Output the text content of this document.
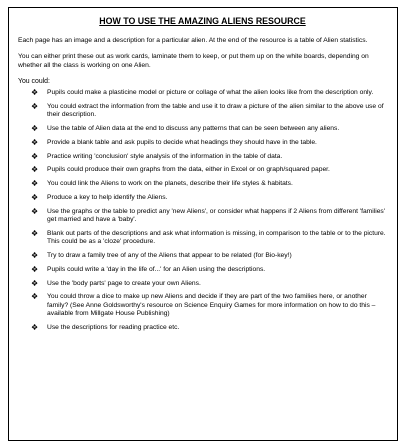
HOW TO USE THE AMAZING ALIENS RESOURCE
Each page has an image and a description for a particular alien. At the end of the resource is a table of Alien statistics.
You can either print these out as work cards, laminate them to keep, or put them up on the white boards, depending on whether all the class is working on one Alien.
You could:
❖ Pupils could make a plasticine model or picture or collage of what the alien looks like from the description only.
❖ You could extract the information from the table and use it to draw a picture of the alien similar to the above use of their description.
❖ Use the table of Alien data at the end to discuss any patterns that can be seen between any aliens.
❖ Provide a blank table and ask pupils to decide what headings they should have in the table.
❖ Practice writing 'conclusion' style analysis of the information in the table of data.
❖ Pupils could produce their own graphs from the data, either in Excel or on graph/squared paper.
❖ You could link the Aliens to work on the planets, describe their life styles & habitats.
❖ Produce a key to help identify the Aliens.
❖ Use the graphs or the table to predict any 'new Aliens', or consider what happens if 2 Aliens from different 'families' get married and have a 'baby'.
❖ Blank out parts of the descriptions and ask what information is missing, in comparison to the table or to the picture. This could be as a 'cloze' procedure.
❖ Try to draw a family tree of any of the Aliens that appear to be related (for Bio-key!)
❖ Pupils could write a 'day in the life of...' for an Alien using the descriptions.
❖ Use the 'body parts' page to create your own Aliens.
❖ You could throw a dice to make up new Aliens and decide if they are part of the two families here, or another family? (See Anne Goldsworthy's resource on Science Enquiry Games for more information on how to do this – available from Millgate House Publishing)
❖ Use the descriptions for reading practice etc.
